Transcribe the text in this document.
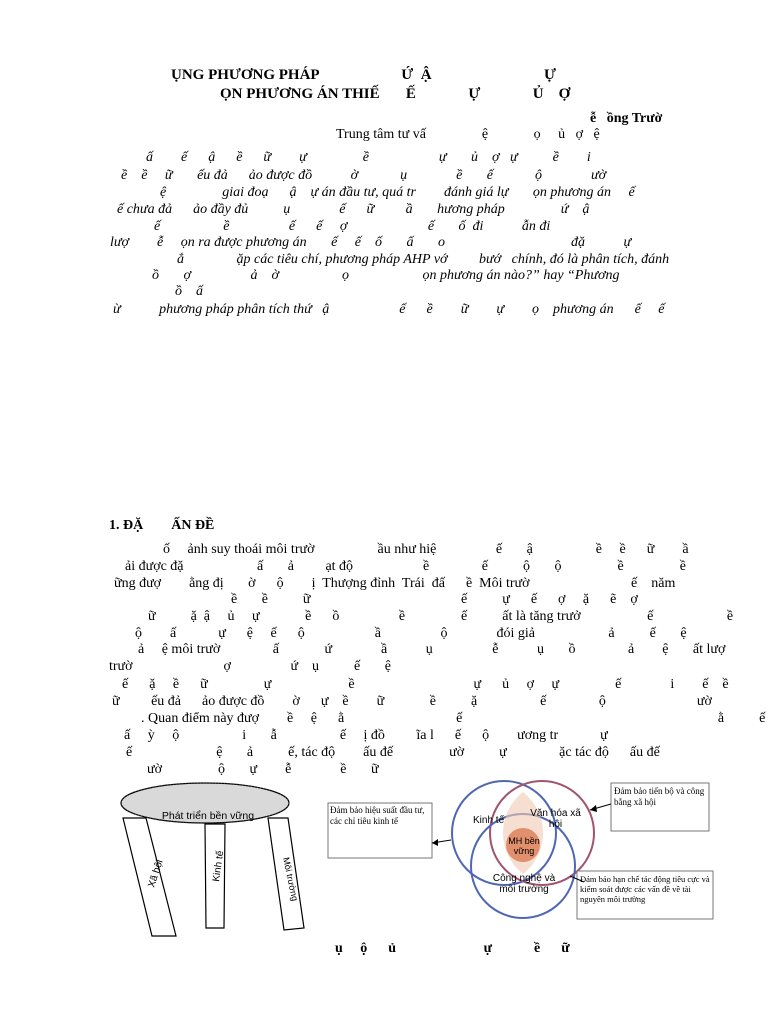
ỤNG PHƯƠNG PHÁP                      Ứ  Ậ                              Ự
ỌN PHƯƠNG ÁN THIẾ       Ế              Ự              Ủ    Ợ
ễ   ồng Trườ
Trung tâm tư vấ                ệ             ọ     ủ   ợ   ệ
ấ        ế      ậ      ề      ữ        ự                ề                    ự       ủ    ợ   ự          ề        i
ề    ề     ữ       ếu đả      ảo được đồ           ờ            ụ              ề       ế            ộ              ườ
ệ                giai đoạ      ậ    ự án đầu tư, quá tr        đánh giá lự       ọn phương án     ế
ế chưa đả      ảo đầy đủ          ụ              ế      ữ         ầ       hương pháp                ứ    ậ
ế                  ề                 ế      ế     ợ                       ế       ố  đi           ẫn đi
lượ        ễ     ọn ra được phương án       ế     ế    ố       ấ       o                                    đặ           ự
ắ               ặp các tiêu chí, phương pháp AHP vớ         bướ   chính, đó là phân tích, đánh
ồ       ợ                 ả    ờ                  ọ                     ọn phương án nào?” hay “Phương
ồ    ấ
ừ           phương pháp phân tích thứ   ậ                    ế      ề        ữ        ự        ọ    phương án      ế     ế
1. ĐẶ        ẤN ĐỀ
ố     ảnh suy thoái môi trườ                  ầu như hiệ                 ế       ậ                  ề     ề      ữ        ầ
ải được đặ                     ấ       ả         ạt độ                    ề               ế          ộ       ộ                ề                ề
ững đượ        ằng đị       ờ      ộ        ị  Thượng đỉnh  Trái  đấ      ề  Môi trườ                             ế    năm
ề       ề          ữ                                           ế          ự      ế      ợ     ặ      ẽ    ợ
ữ          ặ  ậ     ủ     ự             ề      ồ                 ề                ế          ất là tăng trưở                   ế                     ề
ộ        ấ            ự      ệ     ế      ộ                    ầ                 ộ              đói giả                     ả          ế       ệ
ả     ệ môi trườ               ấ             ứ              ầ           ụ                 ễ           ụ       ồ               ả        ệ       ất lượ
trườ                          ợ                 ứ    ụ          ế       ệ
ế      ặ     ề      ữ                ự                      ề                                  ự      ủ     ợ     ự                ế              i        ế    ề
ữ         ếu đả      ảo được đồ        ờ      ự    ề        ữ             ề          ặ                  ế               ộ                          ườ
. Quan điểm này đượ        ề     ệ      ằ                                ế                                                                         ằ          ế
ấ     ỳ     ộ                  i       ẫ                  ế     ị đồ         ĩa l      ế      ộ        ương tr            ự
ế                        ệ       ả          ế, tác độ        ấu đế                ườ          ự               ặc tác độ      ấu đế
ườ                ộ       ự        ễ              ề       ữ
Xã hội	Kinh tế	Môi trường
Phát triển bền vững	Đảm bảo hiệu suất đầu tư, các chỉ tiêu kinh tế	Kinh tế
Văn hóa xã hội
MH bền vững
Công nghệ và môi trường
Đảm bảo tiến bộ và công bằng xã hội
Đảm bảo hạn chế tác động tiêu cực và kiểm soát được các vấn đề về tài nguyên môi trường
ụ     ộ      ủ                         ự            ề      ữ
